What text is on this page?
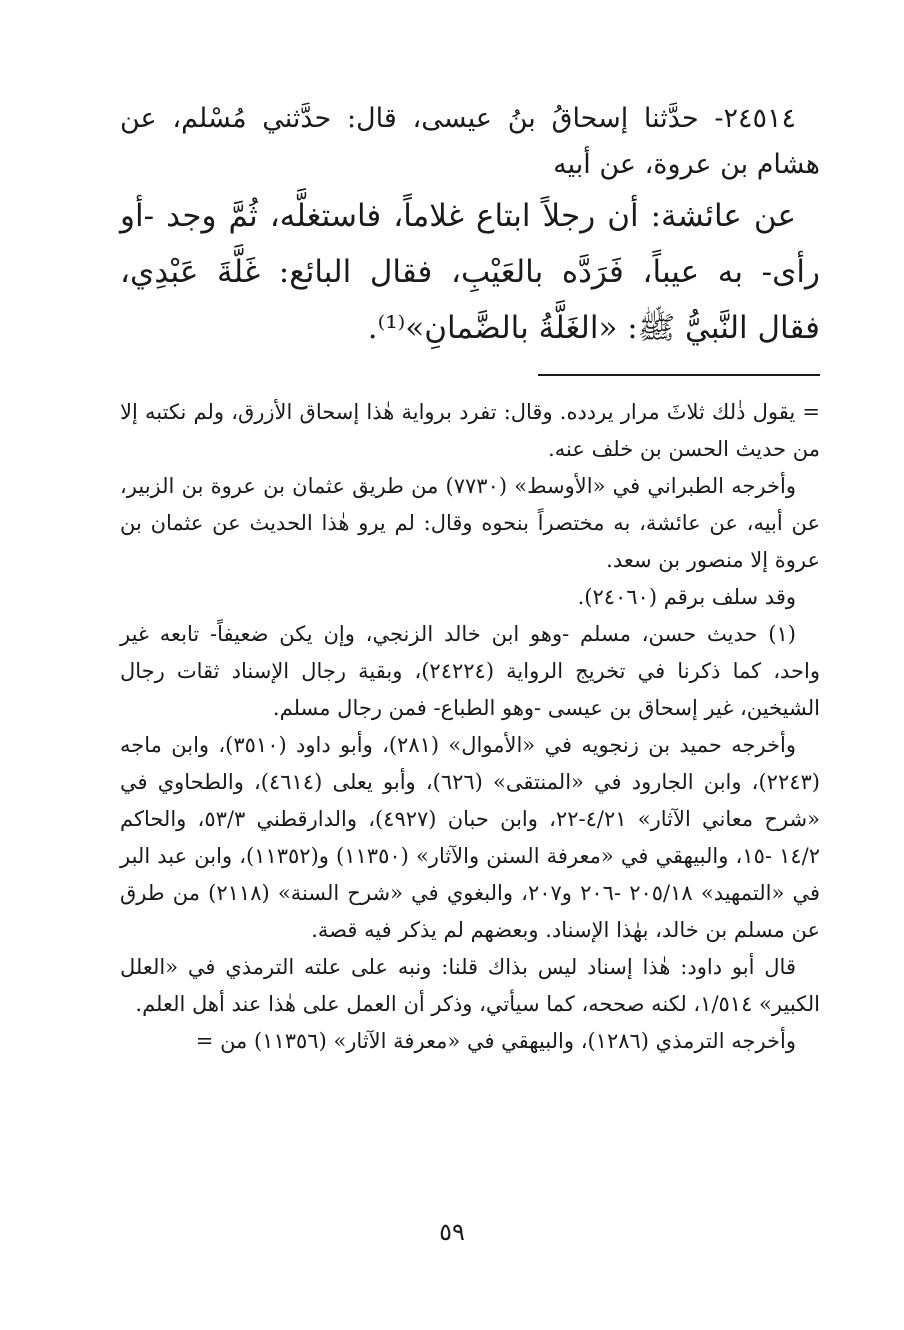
٢٤٥١٤- حدَّثنا إسحاقُ بنُ عيسى، قال: حدَّثني مُسْلم، عن هشام بن عروة، عن أبيه

عن عائشة: أن رجلاً ابتاع غلاماً، فاستغلَّه، ثُمَّ وجد -أو رأى- به عيباً، فَرَدَّه بالعَيْبِ، فقال البائع: غَلَّةَ عَبْدِي، فقال النَّبيُّ ﷺ: «الغَلَّةُ بالضَّمانِ»⁽¹⁾.

= يقول ذٰلك ثلاثَ مرار يردده. وقال: تفرد برواية هٰذا إسحاق الأزرق، ولم نكتبه إلا من حديث الحسن بن خلف عنه.

وأخرجه الطبراني في «الأوسط» (٧٧٣٠) من طريق عثمان بن عروة بن الزبير، عن أبيه، عن عائشة، به مختصراً بنحوه وقال: لم يرو هٰذا الحديث عن عثمان بن عروة إلا منصور بن سعد.

وقد سلف برقم (٢٤٠٦٠).

(١) حديث حسن، مسلم -وهو ابن خالد الزنجي، وإن يكن ضعيفاً- تابعه غير واحد، كما ذكرنا في تخريج الرواية (٢٤٢٢٤)، وبقية رجال الإسناد ثقات رجال الشيخين، غير إسحاق بن عيسى -وهو الطباع- فمن رجال مسلم.

وأخرجه حميد بن زنجويه في «الأموال» (٢٨١)، وأبو داود (٣٥١٠)، وابن ماجه (٢٢٤٣)، وابن الجارود في «المنتقى» (٦٢٦)، وأبو يعلى (٤٦١٤)، والطحاوي في «شرح معاني الآثار» ٤/٢١-٢٢، وابن حبان (٤٩٢٧)، والدارقطني ٥٣/٣، والحاكم ١٤/٢ -١٥، والبيهقي في «معرفة السنن والآثار» (١١٣٥٠) و(١١٣٥٢)، وابن عبد البر في «التمهيد» ٢٠٥/١٨ -٢٠٦ و٢٠٧، والبغوي في «شرح السنة» (٢١١٨) من طرق عن مسلم بن خالد، بهٰذا الإسناد. وبعضهم لم يذكر فيه قصة.

قال أبو داود: هٰذا إسناد ليس بذاك قلنا: ونبه على علته الترمذي في «العلل الكبير» ١/٥١٤، لكنه صححه، كما سيأتي، وذكر أن العمل على هٰذا عند أهل العلم.

وأخرجه الترمذي (١٢٨٦)، والبيهقي في «معرفة الآثار» (١١٣٥٦) من =

٥٩
